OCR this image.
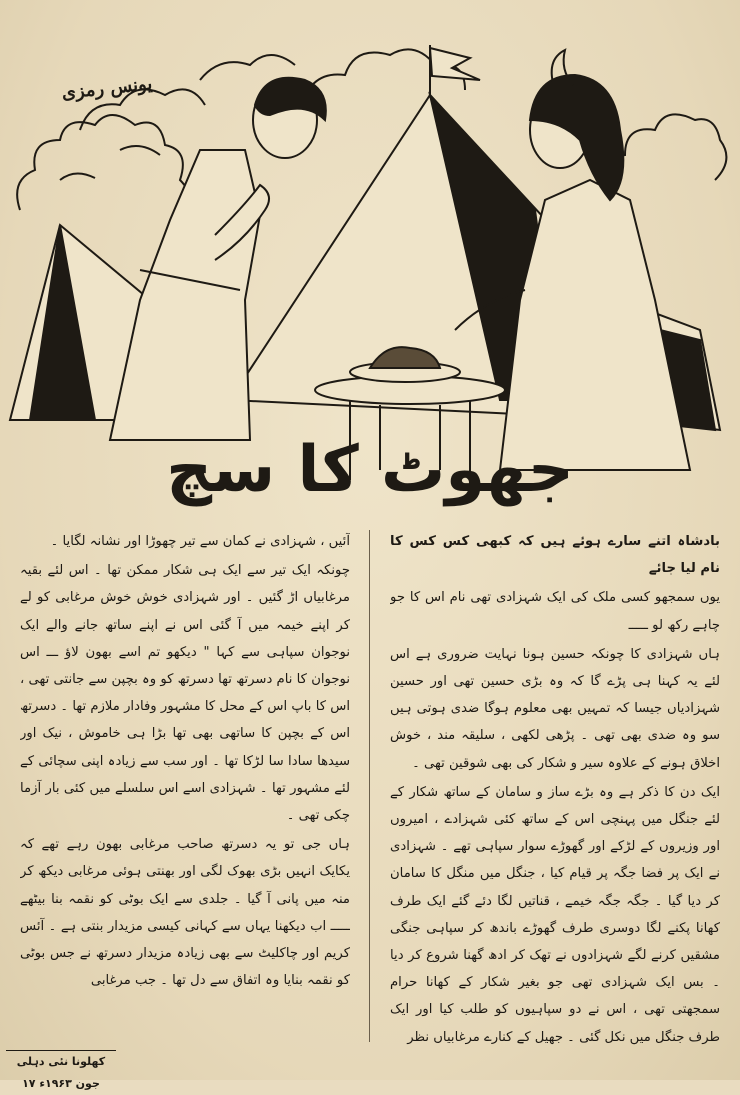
یونس رمزی
جھوٹ کا سچ

بادشاہ اتنے سارے ہوئے ہیں کہ کبھی کس کس کا نام لیا جائے

یوں سمجھو کسی ملک کی ایک شہزادی تھی نام اس کا جو چاہے رکھ لو ـــــ

ہاں شہزادی کا چونکہ حسین ہونا نہایت ضروری ہے اس لئے یہ کہنا ہی پڑے گا کہ وہ بڑی حسین تھی اور حسین شہزادیاں جیسا کہ تمہیں بھی معلوم ہوگا ضدی ہوتی ہیں سو وہ ضدی بھی تھی ۔ پڑھی لکھی ، سلیقہ مند ، خوش اخلاق ہونے کے علاوہ سیر و شکار کی بھی شوقین تھی ۔

ایک دن کا ذکر ہے وہ بڑے ساز و سامان کے ساتھ شکار کے لئے جنگل میں پہنچی اس کے ساتھ کئی شہزادے ، امیروں اور وزیروں کے لڑکے اور گھوڑے سوار سپاہی تھے ۔ شہزادی نے ایک پر فضا جگہ پر قیام کیا ، جنگل میں منگل کا سامان کر دیا گیا ۔ جگہ جگہ خیمے ، قناتیں لگا دئے گئے ایک طرف کھانا پکنے لگا دوسری طرف گھوڑے باندھ کر سپاہی جنگی مشقیں کرنے لگے شہزادوں نے تھک کر ادھ گھنا شروع کر دیا ۔ بس ایک شہزادی تھی جو بغیر شکار کے کھانا حرام سمجھتی تھی ، اس نے دو سپاہیوں کو طلب کیا اور ایک طرف جنگل میں نکل گئی ۔ جھیل کے کنارے مرغابیاں نظر

آئیں ، شہزادی نے کمان سے تیر چھوڑا اور نشانہ لگایا ۔

چونکہ ایک تیر سے ایک ہی شکار ممکن تھا ۔ اس لئے بقیہ مرغابیاں اڑ گئیں ۔ اور شہزادی خوش خوش مرغابی کو لے کر اپنے خیمہ میں آ گئی اس نے اپنے ساتھ جانے والے ایک نوجوان سپاہی سے کہا " دیکھو تم اسے بھون لاؤ ـــ اس نوجوان کا نام دسرتھ تھا دسرتھ کو وہ بچپن سے جانتی تھی ، اس کا باپ اس کے محل کا مشہور وفادار ملازم تھا ۔ دسرتھ اس کے بچپن کا ساتھی بھی تھا بڑا ہی خاموش ، نیک اور سیدھا سادا سا لڑکا تھا ۔ اور سب سے زیادہ اپنی سچائی کے لئے مشہور تھا ۔ شہزادی اسے اس سلسلے میں کئی بار آزما چکی تھی ۔

ہاں جی تو یہ دسرتھ صاحب مرغابی بھون رہے تھے کہ یکایک انہیں بڑی بھوک لگی اور بھنتی ہوئی مرغابی دیکھ کر منہ میں پانی آ گیا ۔ جلدی سے ایک بوٹی کو نقمہ بنا بیٹھے ـــــ اب دیکھنا یہاں سے کہانی کیسی مزیدار بنتی ہے ۔ آئس کریم اور چاکلیٹ سے بھی زیادہ مزیدار دسرتھ نے جس بوٹی کو نقمہ بنایا وہ اتفاق سے دل تھا ۔ جب مرغابی

کھلونا نئی دہلی جون ۱۹۶۳ء ۱۷
